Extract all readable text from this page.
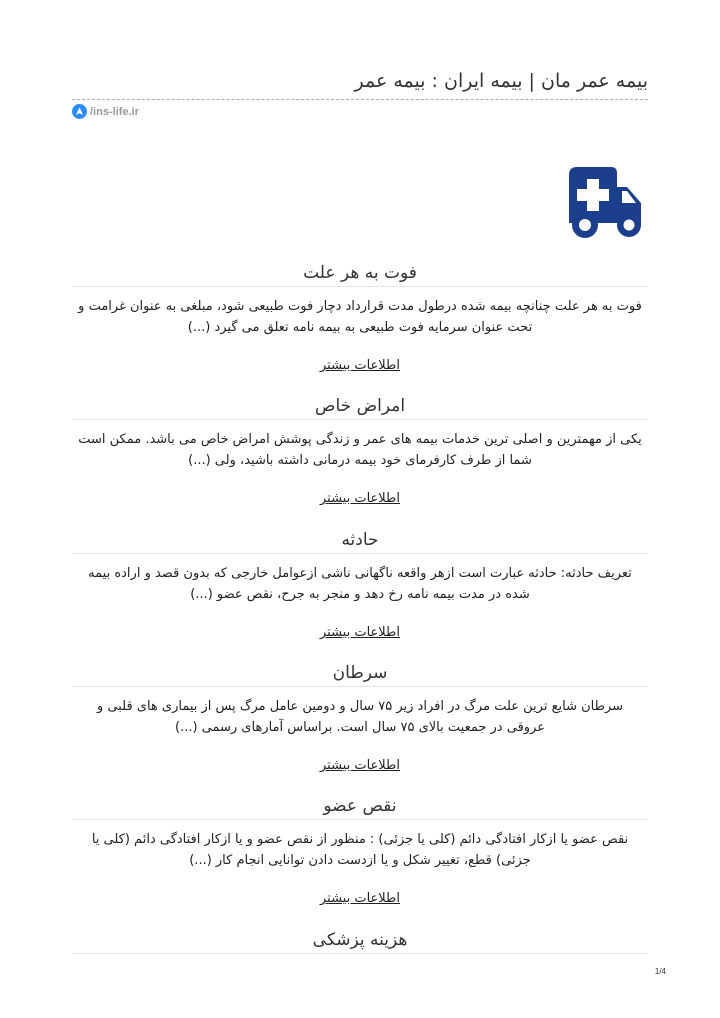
بیمه عمر مان | بیمه ایران : بیمه عمر
/ins-life.ir
فوت به هر علت
فوت به هر علت چنانچه بیمه شده درطول مدت قرارداد دچار فوت طبیعی شود، مبلغی به عنوان غرامت و تحت عنوان سرمایه فوت طبیعی به بیمه نامه تعلق می گیرد (...)
اطلاعات بیشتر
امراض خاص
یکی از مهمترین و اصلی ترین خدمات بیمه های عمر و زندگی پوشش امراض خاص می باشد. ممکن است شما از طرف کارفرمای خود بیمه درمانی داشته باشید، ولی (...)
اطلاعات بیشتر
حادثه
تعریف حادثه: حادثه عبارت است ازهر واقعه ناگهانی ناشی ازعوامل خارجی که بدون قصد و اراده بیمه شده در مدت بیمه نامه رخ دهد و منجر به جرح، نقص عضو (...)
اطلاعات بیشتر
سرطان
سرطان شایع ترین علت مرگ در افراد زیر ۷۵ سال و دومین عامل مرگ پس از بیماری های قلبی و عروقی در جمعیت بالای ۷۵ سال است. براساس آمارهای رسمی (...)
اطلاعات بیشتر
نقص عضو
نقص عضو یا ازکار افتادگی دائم (کلی یا جزئی) : منظور از نقص عضو و یا ازکار افتادگی دائم (کلی یا جزئی) قطع، تغییر شکل و یا ازدست دادن توانایی انجام کار (...)
اطلاعات بیشتر
هزینه پزشکی
1/4
